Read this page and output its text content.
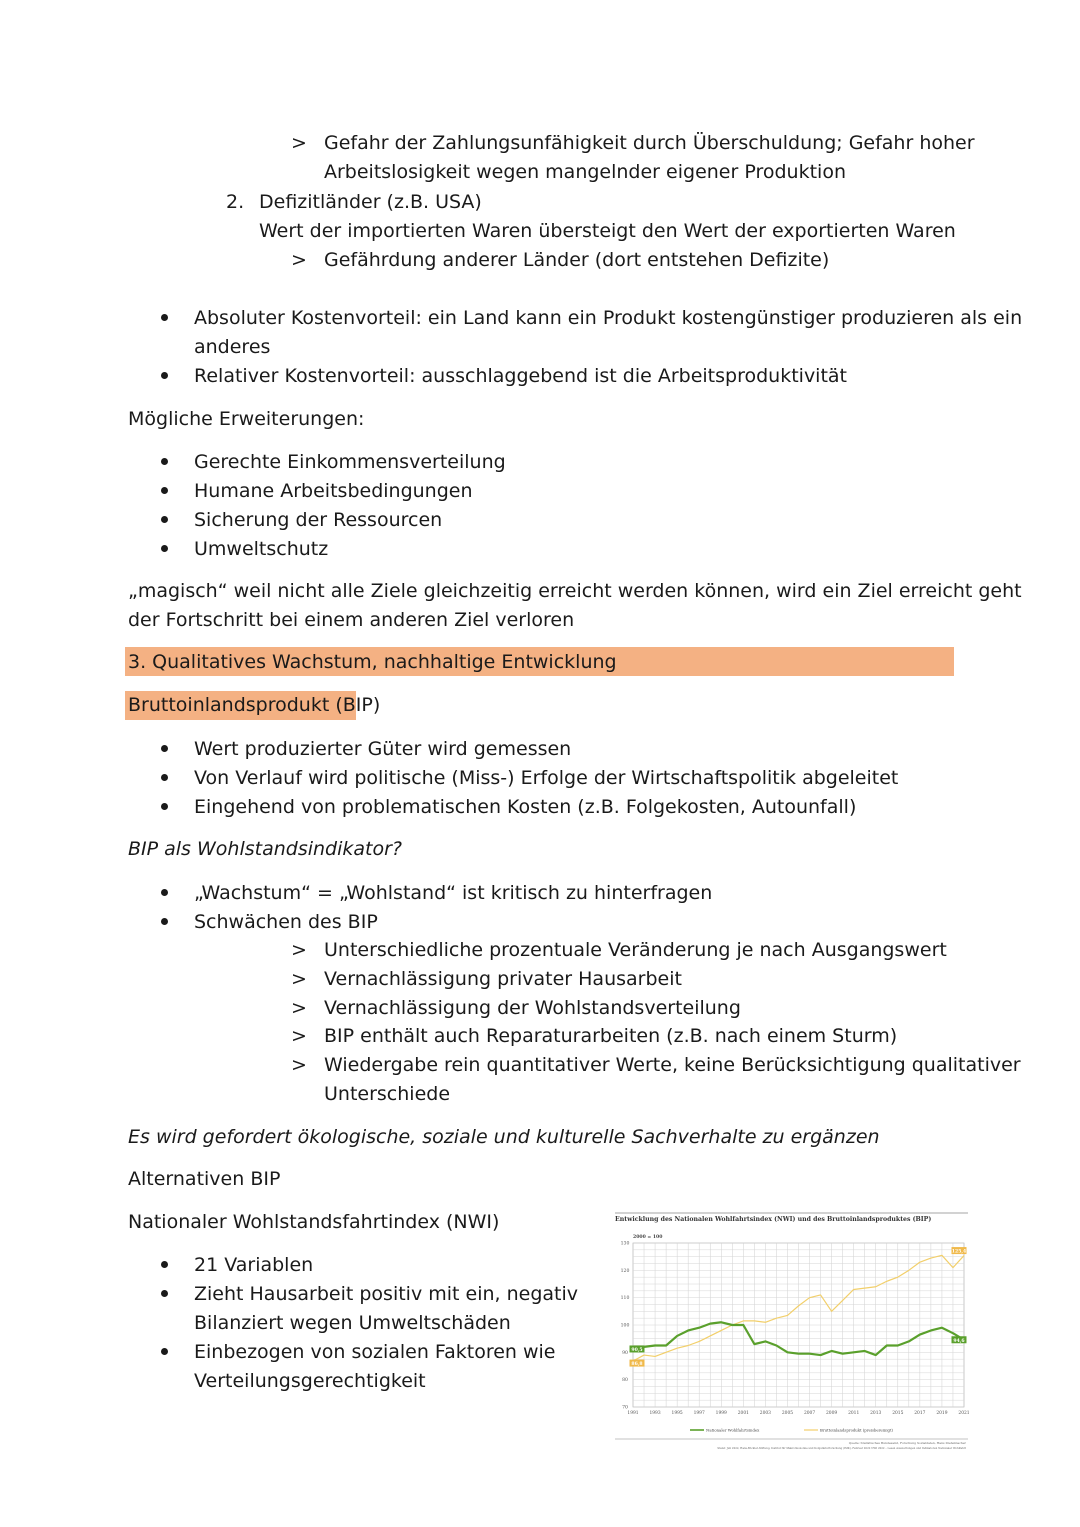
> Gefahr der Zahlungsunfähigkeit durch Überschuldung; Gefahr hoher
Arbeitslosigkeit wegen mangelnder eigener Produktion
2. Defizitländer (z.B. USA)
Wert der importierten Waren übersteigt den Wert der exportierten Waren
> Gefährdung anderer Länder (dort entstehen Defizite)
Absoluter Kostenvorteil: ein Land kann ein Produkt kostengünstiger produzieren als ein
anderes
Relativer Kostenvorteil: ausschlaggebend ist die Arbeitsproduktivität
Mögliche Erweiterungen:
Gerechte Einkommensverteilung
Humane Arbeitsbedingungen
Sicherung der Ressourcen
Umweltschutz
„magisch“ weil nicht alle Ziele gleichzeitig erreicht werden können, wird ein Ziel erreicht geht
der Fortschritt bei einem anderen Ziel verloren
3. Qualitatives Wachstum, nachhaltige Entwicklung
Bruttoinlandsprodukt (BIP)
Wert produzierter Güter wird gemessen
Von Verlauf wird politische (Miss-) Erfolge der Wirtschaftspolitik abgeleitet
Eingehend von problematischen Kosten (z.B. Folgekosten, Autounfall)
BIP als Wohlstandsindikator?
„Wachstum“ = „Wohlstand“ ist kritisch zu hinterfragen
Schwächen des BIP
> Unterschiedliche prozentuale Veränderung je nach Ausgangswert
> Vernachlässigung privater Hausarbeit
> Vernachlässigung der Wohlstandsverteilung
> BIP enthält auch Reparaturarbeiten (z.B. nach einem Sturm)
> Wiedergabe rein quantitativer Werte, keine Berücksichtigung qualitativer
Unterschiede
Es wird gefordert ökologische, soziale und kulturelle Sachverhalte zu ergänzen
Alternativen BIP
Nationaler Wohlstandsfahrtindex (NWI)
21 Variablen
Zieht Hausarbeit positiv mit ein, negativ
Bilanziert wegen Umweltschäden
Einbezogen von sozialen Faktoren wie
Verteilungsgerechtigkeit
Entwicklung des Nationalen Wohlfahrtsindex (NWI) und des Bruttoinlandsproduktes (BIP)
2000 = 100
70
80
90
100
110
120
130
1991 1993 1995 1997 1999 2001 2003 2005 2007 2009 2011 2013 2015 2017 2019 2021
90,5
86,8
125,4
94,6
Nationaler Wohlfahrtsindex	Bruttoinlandsprodukt (preisbereinigt)
Quelle: Statistisches Bundesamt, Forschung Sozialdaten, Hans Diefenbacher
Stand: Juli 2022, Hans-Böckler-Stiftung, Institut für Makroökonomie und Konjunkturforschung (IMK), Februar 2022 NWI 2022 – Lesen Auswertungen und Indikatoren Nationaler Wohlfahrt
